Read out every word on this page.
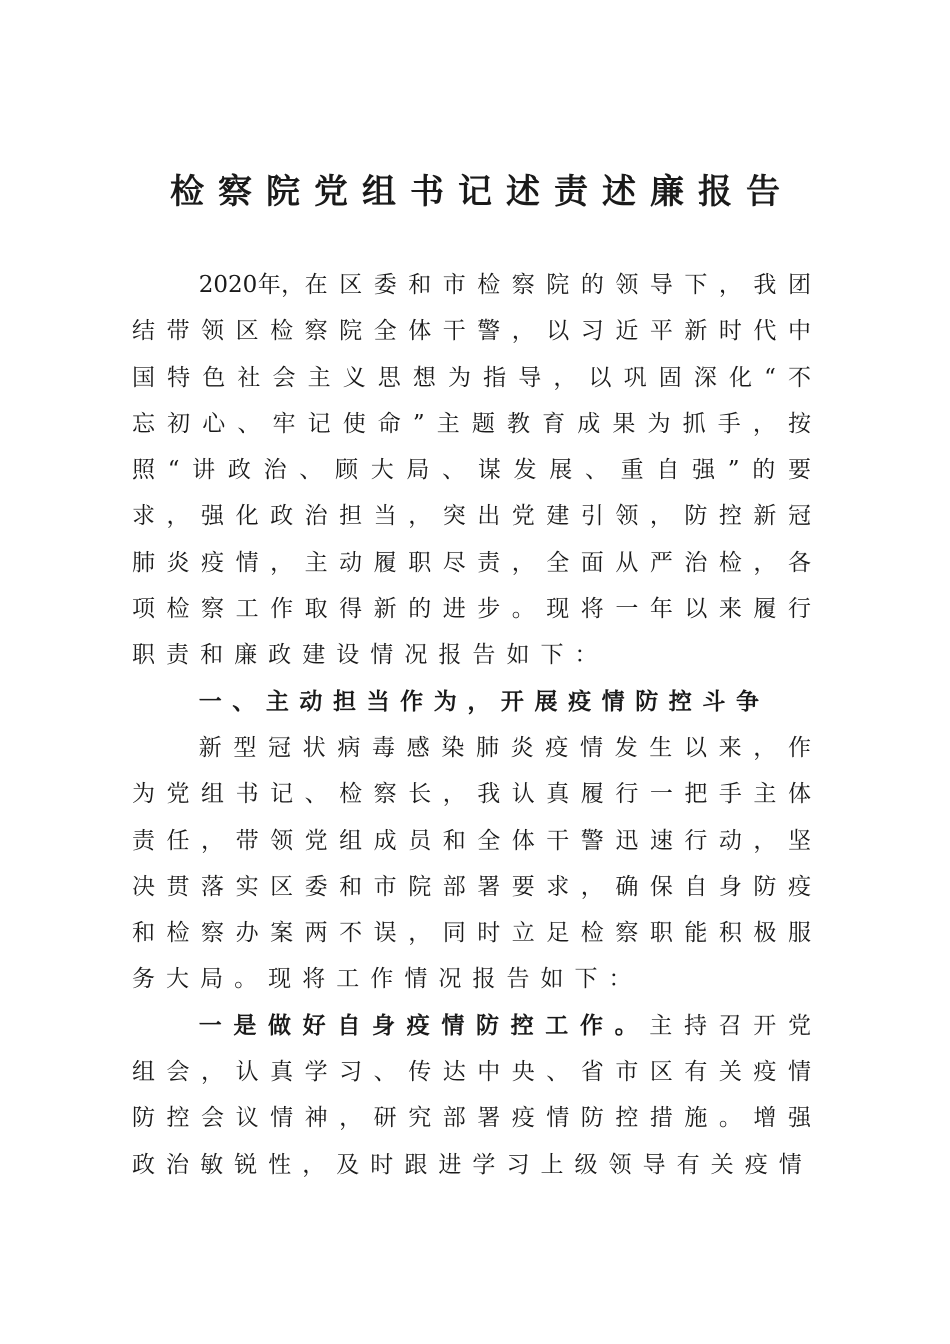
检察院党组书记述责述廉报告

2020年，在区委和市检察院的领导下，我团结带领区检察院全体干警，以习近平新时代中国特色社会主义思想为指导，以巩固深化“不忘初心、牢记使命”主题教育成果为抓手，按照“讲政治、顾大局、谋发展、重自强”的要求，强化政治担当，突出党建引领，防控新冠肺炎疫情，主动履职尽责，全面从严治检，各项检察工作取得新的进步。现将一年以来履行职责和廉政建设情况报告如下：

一、主动担当作为，开展疫情防控斗争

新型冠状病毒感染肺炎疫情发生以来，作为党组书记、检察长，我认真履行一把手主体责任，带领党组成员和全体干警迅速行动，坚决贯落实区委和市院部署要求，确保自身防疫和检察办案两不误，同时立足检察职能积极服务大局。现将工作情况报告如下：

一是做好自身疫情防控工作。主持召开党组会，认真学习、传达中央、省市区有关疫情防控会议情神，研究部署疫情防控措施。增强政治敏锐性，及时跟进学习上级领导有关疫情
